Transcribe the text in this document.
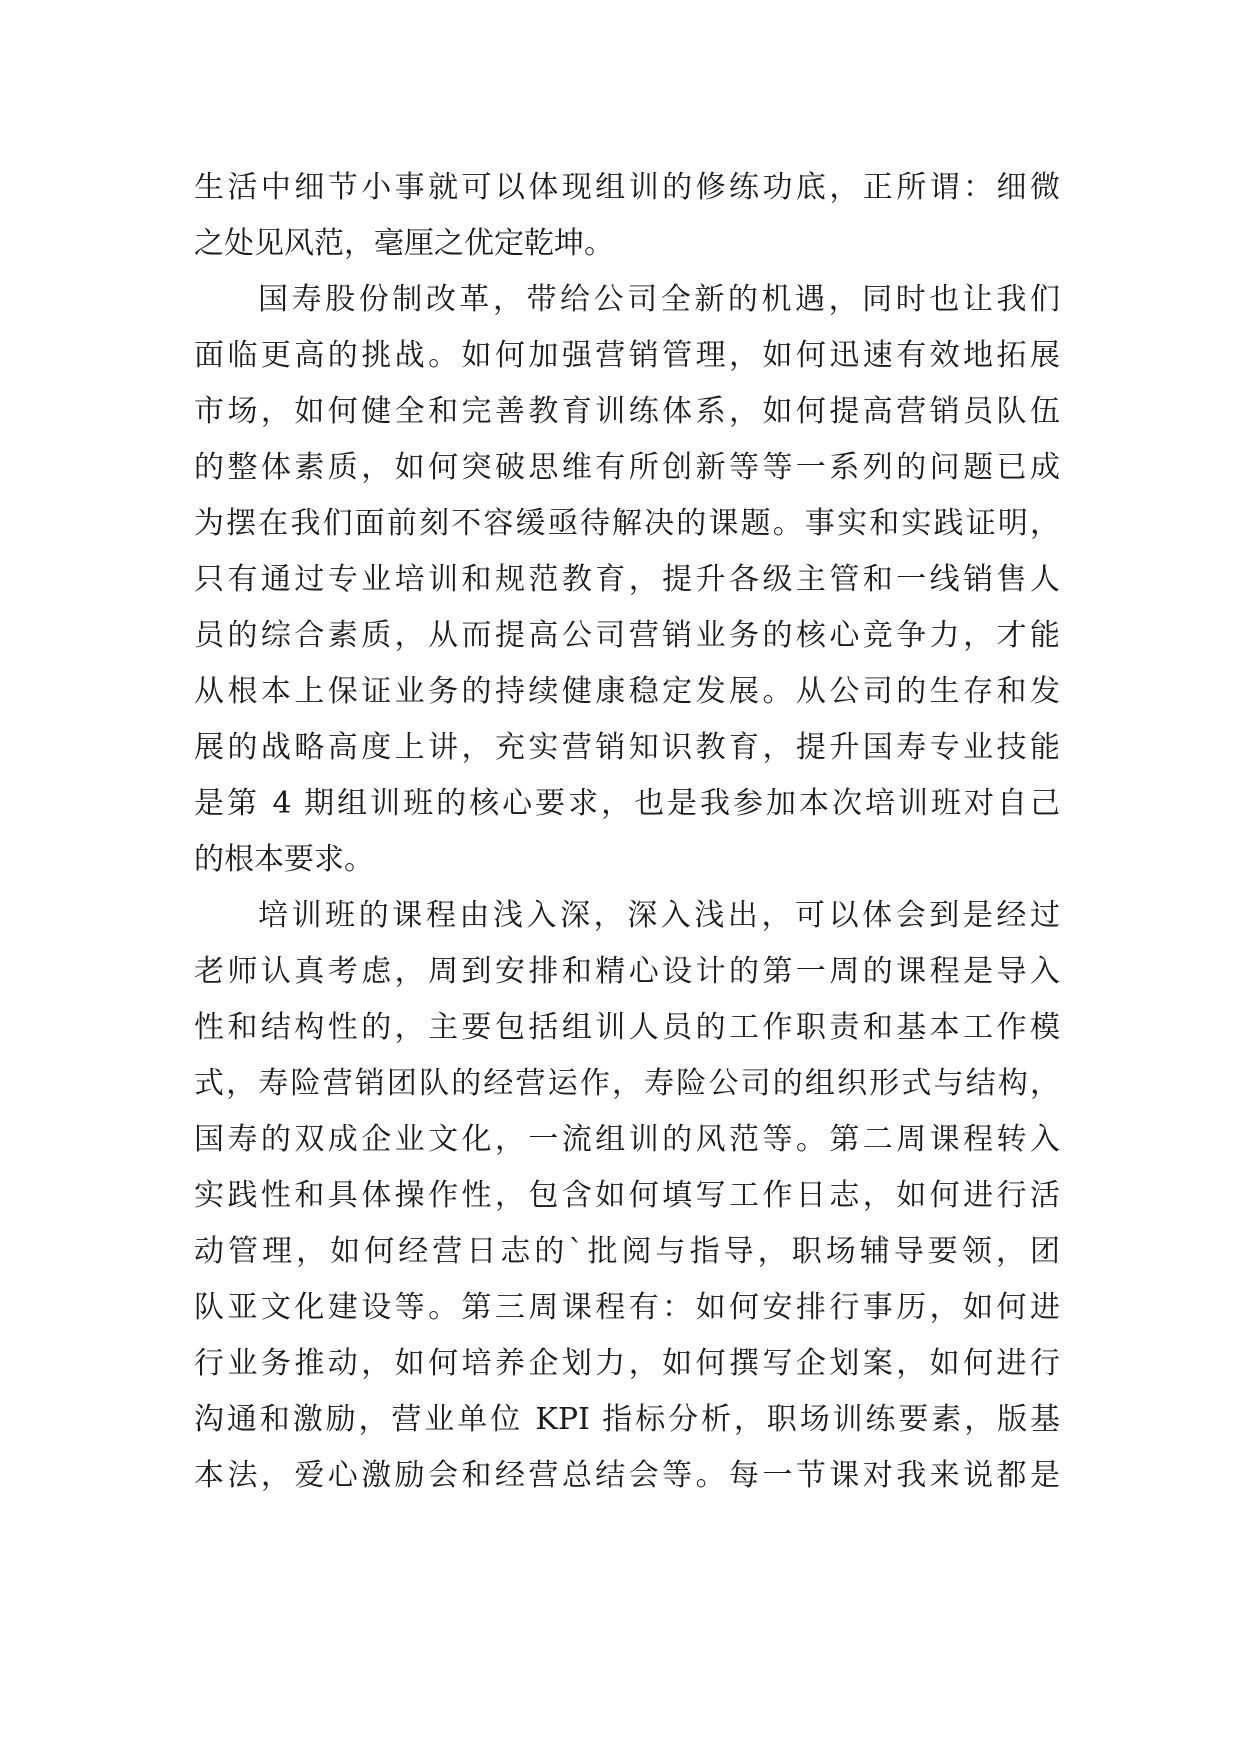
生活中细节小事就可以体现组训的修练功底，正所谓：细微
之处见风范，毫厘之优定乾坤。
国寿股份制改革，带给公司全新的机遇，同时也让我们
面临更高的挑战。如何加强营销管理，如何迅速有效地拓展
市场，如何健全和完善教育训练体系，如何提高营销员队伍
的整体素质，如何突破思维有所创新等等一系列的问题已成
为摆在我们面前刻不容缓亟待解决的课题。事实和实践证明，
只有通过专业培训和规范教育，提升各级主管和一线销售人
员的综合素质，从而提高公司营销业务的核心竞争力，才能
从根本上保证业务的持续健康稳定发展。从公司的生存和发
展的战略高度上讲，充实营销知识教育，提升国寿专业技能
是第 4 期组训班的核心要求，也是我参加本次培训班对自己
的根本要求。
培训班的课程由浅入深，深入浅出，可以体会到是经过
老师认真考虑，周到安排和精心设计的第一周的课程是导入
性和结构性的，主要包括组训人员的工作职责和基本工作模
式，寿险营销团队的经营运作，寿险公司的组织形式与结构，
国寿的双成企业文化，一流组训的风范等。第二周课程转入
实践性和具体操作性，包含如何填写工作日志，如何进行活
动管理，如何经营日志的`批阅与指导，职场辅导要领，团
队亚文化建设等。第三周课程有：如何安排行事历，如何进
行业务推动，如何培养企划力，如何撰写企划案，如何进行
沟通和激励，营业单位 KPI 指标分析，职场训练要素，版基
本法，爱心激励会和经营总结会等。每一节课对我来说都是
